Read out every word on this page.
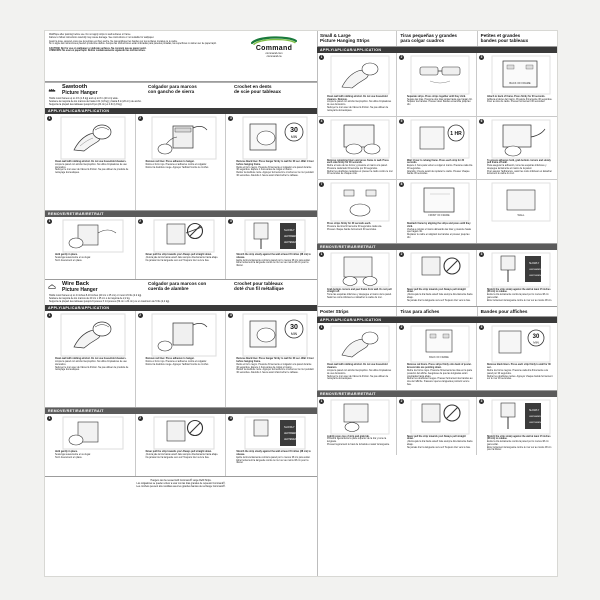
Wall/Tape after painting before use. Do not apply strips to wall surfaces or frame.
Failure to follow instructions carefully may cause damage. See instructions or not suitable for wallpaper.
Avant la pose, assurez-vous que la peinture est bien sèche. Ne pas appliquer les bandes sur les surfaces murales ou le cadre.
Si no sigue las instrucciones pueden producirse daños. Aunque las instrucciones están indicadas para paredes pintadas, las superficies no deben ser de papel tapiz.
CAUTION: Not for use on wallpaper or delicate surfaces. Ne convient pas au papier peint.
ATENCIÓN: No usar en papel tapiz. Retirar cuidadosamente siguiendo las instrucciones.	Command
command.com
command.ca
Sawtooth
Picture Hanger
Colgador para marcos
con gancho de sierra
Crochet en dents
de scie pour tableaux
Holds most frames up to 4 lb (1.8 kg) and up to 8 in (20 cm) wide.
Sostiene la mayoría de los marcos de hasta 4 lb (1,8 kg) y hasta 8 in (20 cm) de ancho.
Supporte la plupart des tableaux jusqu'à 8 po (20 cm) et 4 lb (1,8 kg).
APPLY/APLICAR/APPLICATION
1
Clean wall with rubbing alcohol. Do not use household cleaners.
Limpie la pared con alcohol isopropílico. No utilice limpiadores de uso doméstico.
Nettoyer le mur avec de l'alcool à friction. Ne pas utiliser de produits de nettoyage domestiques.
2
Remove red liner. Press adhesive to hanger.
Retire el forro rojo. Presione el adhesivo contra el colgador.
Retirer la doublure rouge. Appuyer l'adhésif contre le crochet.
3
30
MIN
Remove black liner. Press hanger firmly to wall for 30 sec. Wait 1 hour before hanging frame.
Retire el forro negro. Presione firmemente el colgador a la pared durante 30 segundos. Espere 1 hora antes de colgar el marco.
Retirer la doublure noire. Appuyer fermement le crochet sur le mur pendant 30 secondes. Attendre 1 heure avant d'accrocher le tableau.
REMOVE/RETIRAR/RETRAIT
1
Hold gently in place.
Sostenga suavemente en su lugar.
Tenir doucement en place.
2
Never pull the strip towards you! Always pull straight down.
¡Nunca jale la tira hacia usted! Jale siempre directamente hacia abajo.
Ne jamais tirer la languette vers soi! Toujours tirer vers le bas.
3
SLOWLY
LENTAMENTE
LENTEMENT
Stretch the strip slowly against the wall at least 15 in/two (38 cm) to release.
Estire la tira lentamente contra la pared por lo menos 38 cm para soltar.
Étirer lentement la languette contre le mur sur au moins 38 cm pour la libérer.
Wire Back
Picture Hanger
Colgador para marcos con
cuerda de alambre
Crochet pour tableaux
doté d'un fil métallique
Holds most frames up to 4 in/ches 8-10 inches (20 cm x 25 cm) or most 4-5 lbs (2.2 kg).
Sostiene la mayoría de los marcos de 20 cm x 25 cm o la mayoría de 2,2 kg.
Supporte la plupart des tableaux jusqu'à 9 pouces X 14 pouces (09 cm x 20 cm) ou un maximum de 5 lbs (2,2 kg).
APPLY/APLICAR/APPLICATION
1
Clean wall with rubbing alcohol. Do not use household cleaners.
Limpie la pared con alcohol isopropílico. No utilice limpiadores de uso doméstico.
Nettoyer le mur avec de l'alcool à friction. Ne pas utiliser de produits de nettoyage domestiques.
2
Remove red liner. Press adhesive to hanger.
Retire el forro rojo. Presione el adhesivo contra el colgador.
Retirer la doublure rouge. Appuyer l'adhésif contre le crochet.
3
30
MIN
Remove black liner. Press hanger firmly to wall for 30 sec. Wait 1 hour before hanging frame.
Retire el forro negro. Presione firmemente el colgador a la pared durante 30 segundos. Espere 1 hora antes de colgar el marco.
Retirer la doublure noire. Appuyer fermement le crochet sur le mur pendant 30 secondes. Attendre 1 heure avant d'accrocher le tableau.
REMOVE/RETIRAR/RETRAIT
1
Hold gently in place.
Sostenga suavemente en su lugar.
Tenir doucement en place.
2
Never pull the strip towards you! Always pull straight down.
¡Nunca jale la tira hacia usted! Jale siempre directamente hacia abajo.
Ne jamais tirer la languette vers soi! Toujours tirer vers le bas.
3
SLOWLY
LENTAMENTE
LENTEMENT
Stretch the strip slowly against the wall at least 15 in/two (38 cm) to release.
Estire la tira lentamente contra la pared por lo menos 38 cm para soltar.
Étirer lentement la languette contre le mur sur au moins 38 cm pour la libérer.
Hangers can be reused with Command® Large Refill Strips.
Los colgadores se pueden volver a usar con las tiras grandes de repuesto Command®.
Les crochets peuvent être réutilisés avec les grandes bandes de rechange Command®.
Small & Large
Picture Hanging Strips
Tiras pequeñas y grandes
para colgar cuadros
Petites et grandes
bandes pour tableaux
APPLY/APLICAR/APPLICATION
1
Clean wall with rubbing alcohol. Do not use household cleaners. Remove.
Limpie la pared con alcohol isopropílico. No utilice limpiadores de uso doméstico.
Nettoyer le mur avec de l'alcool à friction. Ne pas utiliser de nettoyants domestiques.
2
Separate strips. Press strips together until they click.
Separe las tiras. Presione dos tiras juntas hasta que hagan clic.
Séparer les bandes. Presser deux bandes ensemble jusqu'au clic.
3
BACK OF FRAME
Attach to back of frame. Press firmly for 30 seconds.
Adhiera al dorso del marco. Presione firmemente 30 segundos.
Fixer au dos du cadre. Presser fermement 30 secondes.
4
Remove remaining liners and press frame to wall. Press each side firmly for 30 seconds.
Retire el resto de los forros y presione el marco a la pared. Presione cada lado firmemente por 30 segundos.
Retirer les doublures restantes et presser le cadre contre le mur 30 secondes de chaque côté.
5
1 HR
Wait 1 hour to rehang frame. Press each strip for 30 seconds.
Espere 1 hora para volver a colgar el marco. Presione cada tira 30 segundos.
Attendre 1 heure avant de replacer le cadre. Presser chaque bande 30 secondes.
6
To ensure adhesive hold, grab bottom corners and slowly pull frame off wall.
Para asegurar la adhesión, tome las esquinas inferiores y despegue lentamente el marco de la pared.
Pour assurer l'adhérence, saisir les coins inférieurs et détacher lentement le cadre du mur.
7
Press strips firmly for 30 seconds each.
Presione las tiras firmemente 30 segundos cada una.
Presser chaque bande fermement 30 secondes.
8
FRONT OF FRAME
Reattach frame by aligning the strips and press until they click.
Vuelva a colocar el marco alineando las tiras y presione hasta que hagan clic.
Replacer le cadre en alignant les bandes et presser jusqu'au clic.
WALL
REMOVE/RETIRAR/RETRAIT
1
Grab bottom corners and peel frame from wall. Do not pull straight off.
Tome las esquinas inferiores y despegue el marco de la pared.
Saisir les coins inférieurs et détacher le cadre du mur.
2
Never pull the strip towards you! Always pull straight down.
¡Nunca jale la tira hacia usted! Jale siempre directamente hacia abajo.
Ne jamais tirer la languette vers soi! Toujours tirer vers le bas.
3
SLOWLY
LENTAMENTE
LENTEMENT
Stretch the strip slowly against the wall at least 15 inches (38 cm) to release.
Estire la tira lentamente contra la pared por lo menos 38 cm para soltar.
Étirer lentement la languette contre le mur sur au moins 38 cm.
Poster Strips	Tiras para afiches	Bandes pour affiches
APPLY/APLICAR/APPLICATION
1
Clean wall with rubbing alcohol. Do not use household cleaners.
Limpie la pared con alcohol isopropílico. No utilice limpiadores de uso doméstico.
Nettoyer le mur avec de l'alcool à friction. Ne pas utiliser de nettoyants domestiques.
2
BACK OF FRAME
Remove red liners. Press strips firmly onto back of poster. Ensure tabs are pointing down.
Retire los forros rojos. Presione firmemente las tiras en la parte posterior del afiche. Asegúrese de que las lengüetas estén orientadas hacia abajo.
Retirer les doublures rouges. Presser fermement les bandes au dos de l'affiche. S'assurer que les languettes pointent vers le bas.
3
30
MIN
Remove black liners. Press each strip firmly to wall for 30 sec.
Retire los forros negros. Presione cada tira firmemente a la pared por 30 segundos.
Retirer les doublures noires. Appuyer chaque bande fermement sur le mur 30 secondes.
REMOVE/RETIRAR/RETRAIT
1
Lightly press top of strip and grab tab.
Presione ligeramente la parte superior de la tira y tome la lengüeta.
Presser légèrement le haut de la bande et saisir la languette.
2
Never pull the strip towards you! Always pull straight down.
¡Nunca jale la tira hacia usted! Jale siempre directamente hacia abajo.
Ne jamais tirer la languette vers soi! Toujours tirer vers le bas.
3
SLOWLY
LENTAMENTE
LENTEMENT
Stretch the strip slowly against the wall at least 15 inches (38 cm) to release.
Estire la tira lentamente contra la pared por lo menos 38 cm para soltar.
Étirer lentement la languette contre le mur sur au moins 38 cm pour la libérer.
